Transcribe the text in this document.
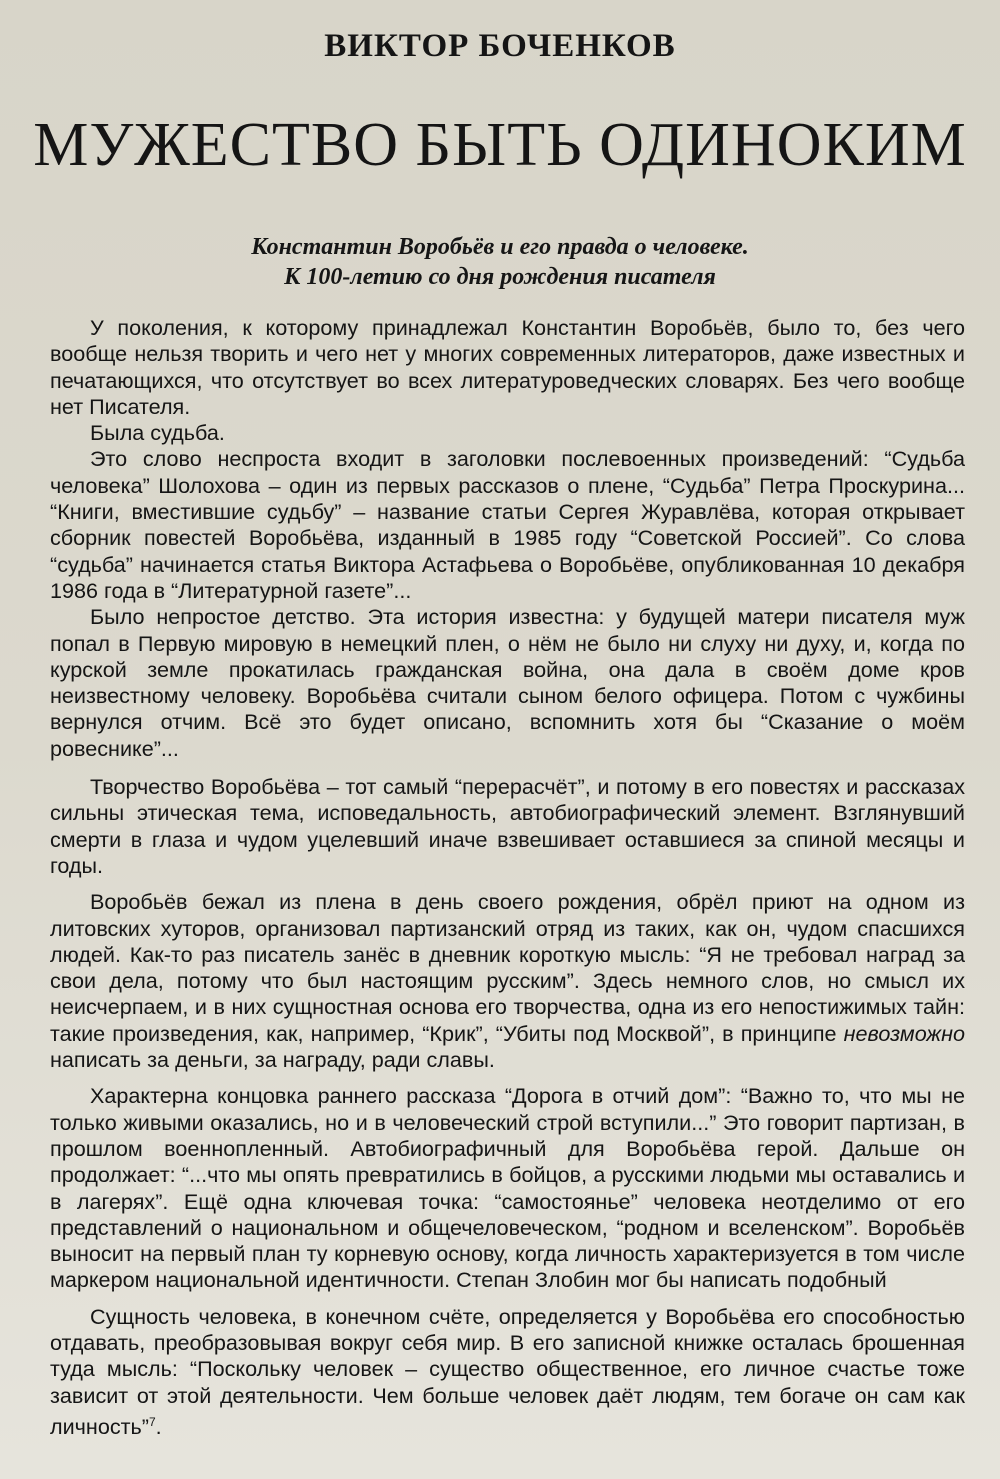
ВИКТОР БОЧЕНКОВ
МУЖЕСТВО БЫТЬ ОДИНОКИМ
Константин Воробьёв и его правда о человеке.
К 100-летию со дня рождения писателя

У поколения, к которому принадлежал Константин Воробьёв, было то, без чего вообще нельзя творить и чего нет у многих современных литераторов, даже известных и печатающихся, что отсутствует во всех литературоведческих словарях. Без чего вообще нет Писателя.

Была судьба.

Это слово неспроста входит в заголовки послевоенных произведений: “Судьба человека” Шолохова – один из первых рассказов о плене, “Судьба” Петра Проскурина... “Книги, вместившие судьбу” – название статьи Сергея Журавлёва, которая открывает сборник повестей Воробьёва, изданный в 1985 году “Советской Россией”. Со слова “судьба” начинается статья Виктора Астафьева о Воробьёве, опубликованная 10 декабря 1986 года в “Литературной газете”...

Было непростое детство. Эта история известна: у будущей матери писателя муж попал в Первую мировую в немецкий плен, о нём не было ни слуху ни духу, и, когда по курской земле прокатилась гражданская война, она дала в своём доме кров неизвестному человеку. Воробьёва считали сыном белого офицера. Потом с чужбины вернулся отчим. Всё это будет описано, вспомнить хотя бы “Сказание о моём ровеснике”...

Творчество Воробьёва – тот самый “перерасчёт”, и потому в его повестях и рассказах сильны этическая тема, исповедальность, автобиографический элемент. Взглянувший смерти в глаза и чудом уцелевший иначе взвешивает оставшиеся за спиной месяцы и годы.

Воробьёв бежал из плена в день своего рождения, обрёл приют на одном из литовских хуторов, организовал партизанский отряд из таких, как он, чудом спасшихся людей. Как-то раз писатель занёс в дневник короткую мысль: “Я не требовал наград за свои дела, потому что был настоящим русским”. Здесь немного слов, но смысл их неисчерпаем, и в них сущностная основа его творчества, одна из его непостижимых тайн: такие произведения, как, например, “Крик”, “Убиты под Москвой”, в принципе невозможно написать за деньги, за награду, ради славы.

Характерна концовка раннего рассказа “Дорога в отчий дом”: “Важно то, что мы не только живыми оказались, но и в человеческий строй вступили...” Это говорит партизан, в прошлом военнопленный. Автобиографичный для Воробьёва герой. Дальше он продолжает: “...что мы опять превратились в бойцов, а русскими людьми мы оставались и в лагерях”. Ещё одна ключевая точка: “самостоянье” человека неотделимо от его представлений о национальном и общечеловеческом, “родном и вселенском”. Воробьёв выносит на первый план ту корневую основу, когда личность характеризуется в том числе маркером национальной идентичности. Степан Злобин мог бы написать подобный

Сущность человека, в конечном счёте, определяется у Воробьёва его способностью отдавать, преобразовывая вокруг себя мир. В его записной книжке осталась брошенная туда мысль: “Поскольку человек – существо общественное, его личное счастье тоже зависит от этой деятельности. Чем больше человек даёт людям, тем богаче он сам как личность”$^7$.
